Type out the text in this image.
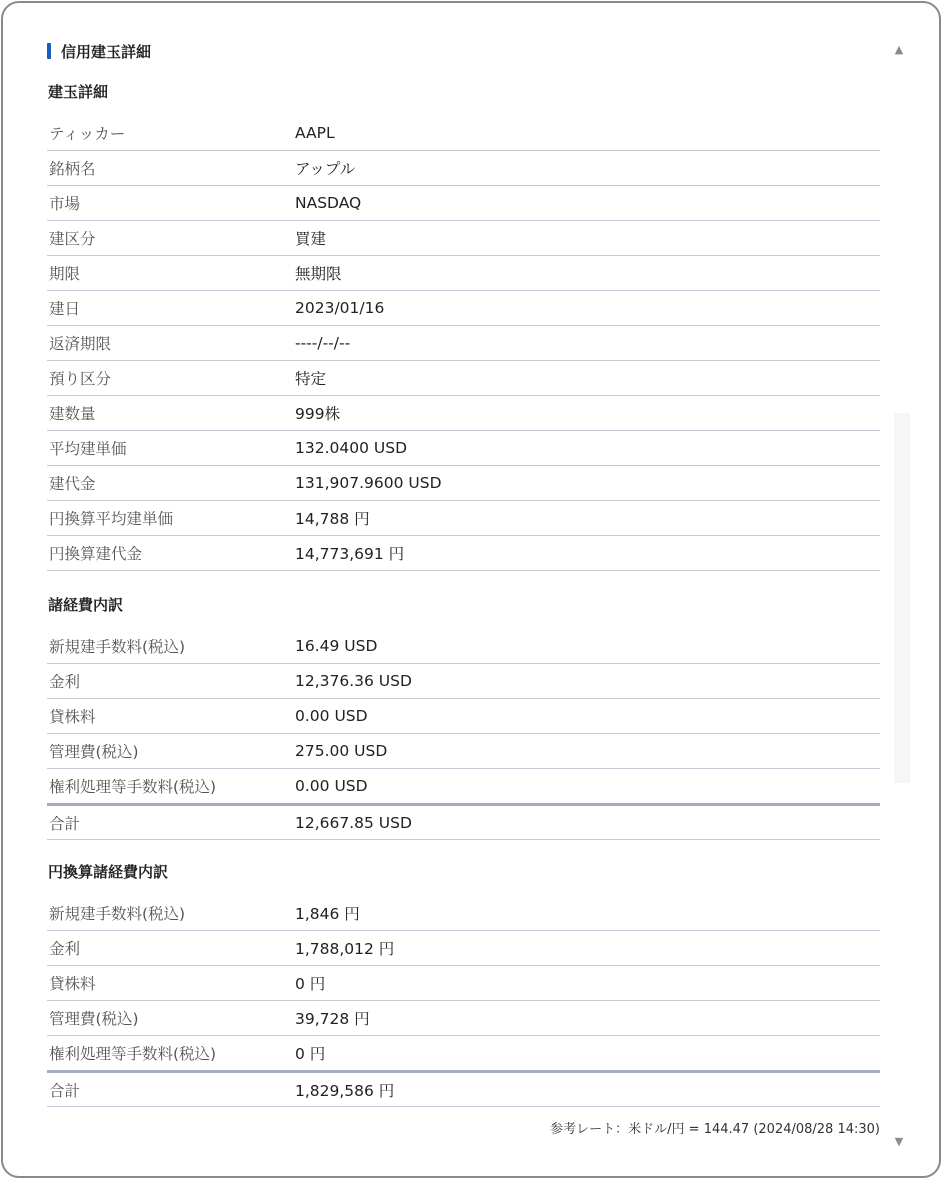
信用建玉詳細	▲
建玉詳細
ティッカー	AAPL
銘柄名	アップル
市場	NASDAQ
建区分	買建
期限	無期限
建日	2023/01/16
返済期限	----/--/--
預り区分	特定
建数量	999株
平均建単価	132.0400 USD
建代金	131,907.9600 USD
円換算平均建単価	14,788 円
円換算建代金	14,773,691 円
諸経費内訳
新規建手数料(税込)	16.49 USD
金利	12,376.36 USD
貸株料	0.00 USD
管理費(税込)	275.00 USD
権利処理等手数料(税込)	0.00 USD
合計	12,667.85 USD
円換算諸経費内訳
新規建手数料(税込)	1,846 円
金利	1,788,012 円
貸株料	0 円
管理費(税込)	39,728 円
権利処理等手数料(税込)	0 円
合計	1,829,586 円
参考レート：米ドル/円 = 144.47 (2024/08/28 14:30)
▼
